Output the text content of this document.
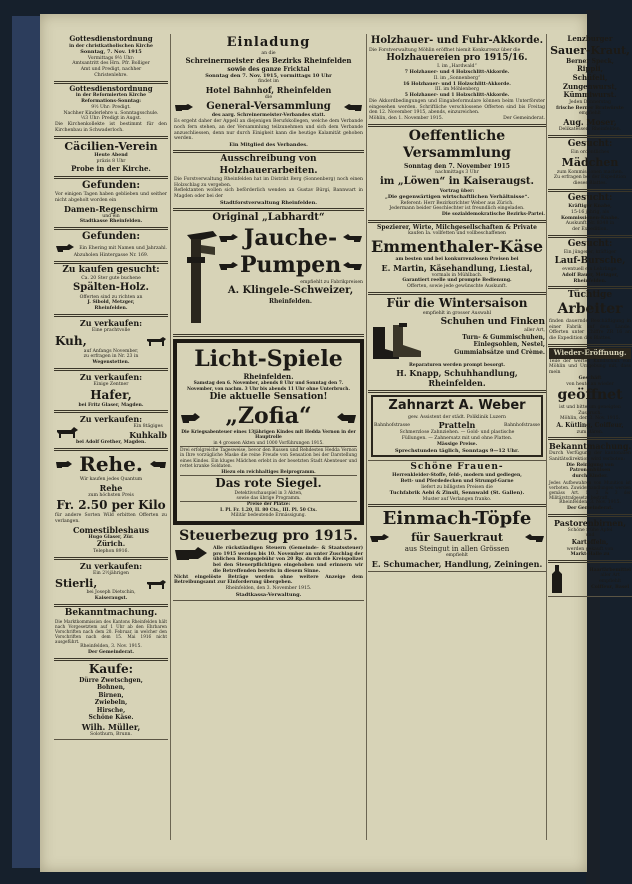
Gottesdienstordnung
in der christkatholischen Kirche
Sonntag, 7. Nov. 1915
Vormittags 9½ Uhr:
Amtsantritt des Hrn. Pfr. Bolliger
Amt und Predigt, nachher
Christenlehre.
Gottesdienstordnung
in der Reformierten Kirche
Reformations-Sonntag:
9½ Uhr: Predigt.
Nachher Kinderlehre u. Sonntagsschule.
½3 Uhr: Predigt in Augst.
Die Kirchenkollekte ist bestimmt für den Kirchenbau in Schwaderloch.
Cäcilien-Verein
Heute Abend
präzis 8 Uhr
Probe in der Kirche.
Gefunden:
Vor einigen Tagen haben geblieben und seither nicht abgeholt worden ein
Damen-Regenschirm
und ein
Stadtkasse Rheinfelden.
Gefunden:
Ein Ehering mit Namen und Jahrzahl.
Abzuholen Hintergasse Nr. 169.
Zu kaufen gesucht:
Ca. 20 Ster gute buchene
Spälten-Holz.
Offerten sind zu richten an
J. Sibold, Metzger,
Rheinfelden.
Zu verkaufen:
Eine prachtvolle
Kuh,
auf Anfangs November,
zu erfragen in Nr. 23 in
Wegenstetten.
Zu verkaufen:
Einige Zentner
Hafer,
bei Fritz Glaser, Magden.
Zu verkaufen:
Ein 8tägiges
Kuhkalb
bei Adolf Grether, Magden.
Rehe.
Wir kaufen jedes Quantum
Rehe
zum höchsten Preis
Fr. 2.50 per Kilo
für andere Sorten Wild erbitten Offerten zu verlangen.
Comestibleshaus
Hugo Glaser, Zür.
Zürich.
Telephon 8916.
Zu verkaufen:
Ein 2½jährigen
Stierli,
bei Joseph Dietschin,
Kaiseraugst.
Bekanntmachung.
Die Marktkommission des Kantons Rheinfelden hält nach Vorgesetztem auf 1 Uhr ab den Ehrbaren Vorschriften nach dem 20. Februar, in welcher den Vorschriften nach dem 15. Mai 1916 nicht ausgeführt.
Rheinfelden, 3. Nov. 1915.
Der Gemeinderat.
Kaufe:
Dürre Zwetschgen,
Bohnen,
Birnen,
Zwiebeln,
Hirsche,
Schöne Käse.
Wilh. Müller,
Solothurn, Brunn.
Einladung
an die
Schreinermeister des Bezirks Rheinfelden
sowie des ganze Fricktal
Sonntag den 7. Nov. 1915, vormittags 10 Uhr
findet im
Hotel Bahnhof, Rheinfelden
die
General-Versammlung
des aarg. Schreinermeister-Verbandes statt.
Es ergeht daher der Appell an diejenigen Berufskollegen, welche dem Verbande noch fern stehen, an der Versammlung teilzunehmen und sich dem Verbande anzuschliessen, denn nur durch Einigkeit kann die heutige Kalamität gehoben werden.
Ein Mitglied des Verbandes.
Ausschreibung von Holzhauerarbeiten.
Die Forstverwaltung Rheinfelden hat im Distrikt Berg (Sonnenberg) noch einen Holzschlag zu vergeben.
Reflektanten wollen sich beförderlich wenden an Gustav Bürgi, Bannwart in Magden oder bei der
Stadtforstverwaltung Rheinfelden.
Original „Labhardt“
Jauche-
Pumpen
empfiehlt zu Fabrikpreisen
A. Klingele-Schweizer,
Rheinfelden.
Licht-Spiele
Rheinfelden.
Samstag den 6. November, abends 8 Uhr und Sonntag den 7. November, von nachm. 3 Uhr bis abends 11 Uhr ohne Unterbruch.
Die aktuelle Sensation!
„Zofia“
Die Kriegsabenteuer eines 13jährigen Kindes mit Hedda Vernon in der Hauptrolle
in 4 grossen Akten und 1000 Vorführungen 1915.
Drei erfolgreiche Tagesweise, bevor den Russen und Rehdesten Hedda Vernon in Ihre vorzügliche Maske die reine Freude von Sensation bei der Darstellung eines Kindes. Ein kluges Mädchen erlebt in der besetzten Stadt Abenteuer und rettet kranke Soldaten.
Hiezu ein reichhaltiges Beiprogramm.
Das rote Siegel.
Detektivschauspiel in 3 Akten,
sowie das übrige Programm.
Preise der Plätze:
I. Pl. Fr. 1.20, II. 80 Cts., III. Pl. 50 Cts.
Militär bedeutende Ermässigung.
Steuerbezug pro 1915.
Alle rückständigen Steuern (Gemeinde- & Staatssteuer) pro 1915 werden bis 10. November an unter Zuschlag der üblichen Bezugsgebühr von 20 Rp. durch die Kreispolizei bei den Steuerpflichtigen eingehoben und erinnern wir die Betreffenden bereits in diesem Sinne.
Nicht eingelöste Beträge werden ohne weitere Anzeige dem Betreibungsamt zur Einforderung übergeben.
Rheinfelden, den 3. November 1915.
Stadtkassa-Verwaltung.
Holzhauer- und Fuhr-Akkorde.
Die Forstverwaltung Möhlin eröffnet hiemit Konkurrenz über die
Holzhauereien pro 1915/16.
I. im „Hardwald“
7 Holzhauer- und 4 Holzschlitt-Akkorde.
II. im „Sonnenberg“
16 Holzhauer- und 1 Holzschlitt-Akkorde.
III. im Möhlenberg
5 Holzhauer- und 1 Holzschlitt-Akkorde.
Die Akkordbedingungen und Eingabeformulare können beim Unterförster eingesehen werden. Schriftliche verschlossene Offerten sind bis Freitag den 12. November 1915, abends, einzureichen.
Möhlin, den 1. November 1915.	Der Gemeinderat.
Oeffentliche Versammlung
Sonntag den 7. November 1915
nachmittags 3 Uhr
im „Löwen“ in Kaiseraugst.
Vortrag über:
„Die gegenwärtigen wirtschaftlichen Verhältnisse“.
Referent: Herr Bezirksrichter Weber aus Zürich.
Jedermann beider Geschlechter ist freundlich eingeladen.
Die sozialdemokratische Bezirks-Partei.
Spezierer, Wirte, Milchgesellschaften & Private
kaufen Ia. vollfetten und vollbeschaffenen
Emmenthaler-Käse
am besten und bei konkurrenzlosen Preisen bei
E. Martin, Käsehandlung, Liestal,
vormals in Mühlbach.
Garantiert reelle und prompte Bedienung.
Offerten, sowie jede gewünschte Auskunft.
Für die Wintersaison
empfiehlt in grosser Auswahl
Schuhen und Finken
aller Art,
Turn- & Gummischuhen,
Einlegsohlen, Nestel,
Gummiabsätze und Crème.
Reparaturen werden prompt besorgt.
H. Knapp, Schuhhandlung, Rheinfelden.
Zahnarzt A. Weber
gew. Assistent der städt. Poliklinik Luzern
Bahnhofstrasse	Pratteln	Bahnhofstrasse
Schmerzlose Zahnziehen. — Gold- und plastische
Füllungen. — Zahnersatz mit und ohne Platten.
Mässige Preise.
Sprechstunden täglich, Sonntags 9—12 Uhr.
Schöne Frauen-
Herrenkleider-Stoffe, feld-, modern und gediegen,
Bett- und Pferdedecken und Strumpf-Garne
liefert zu billigsten Preisen die
Tuchfabrik Aebi & Zinsli, Sennwald (St. Gallen).
Muster auf Verlangen franko.
Einmach-Töpfe
für Sauerkraut
aus Steingut in allen Grössen
empfiehlt
E. Schumacher, Handlung, Zeiningen.
Lenzburger
Sauer-Kraut,
Berner Speck,
Rippli,
Schüfeli,
Zungenwurst,
Kümmiwurst.
Jeden Donnerstag
frische Berner Bratwürste
empfiehlt
Aug. Moser,
Delikatessen, Rheinfelden.
Gesucht:
Ein ordentliches
Mädchen
zum Kommissionen machen.
Zu erfragen bei der Expedition dieses Blattes.
Gesucht:
Kräftiger Knabe,
15-16 jährig, als
Kommissionen-Knabe.
Auskunft Nr. 8348 in
der Expedition.
Gesucht:
Ein jüngerer, kräftiger
Lauf-Bursche,
eventuell ein Lehrlinge.
Adolf Bauer, Metzger,
Rheinfelden.
Tüchtige
Arbeiter
finden dauernde Beschäftigung in einer Fabrik auf dem Lande. Offerten unter Chiffre ZR 16 an die Expedition des Blattes.
Wieder-Eröffnung.
Teile der werten Kundschaft von Möhlin und Umgebung mit, dass mein
Geschäft
von heute an wieder
geöffnet
ist und bitte um geneigten Zuspruch.
Möhlin, den 3. Nov. 1915.
A. Kütling, Coiffeur,
zum Bären.
Bekanntmachung.
Durch Verfügung der kantonalen Sanitätsdirektion wird verboten:
Die Reinigung von Patronenhülsen
durch Kinder.
Jedes Aufbewahren von Munition ist verboten. Zuwiderhandlungen werden gemäss Art. 1, 2 & 3 der Militärstrafgesetze bestraft.
Rheinfelden, 3. Nov. 1915.
Der Gemeinderat.
Pastorenbirnen,
Schöne frühe Äpfel
und
Kartoffeln,
werden gekauft von
Markt-Halle zu
Haarfärbemittel
aller Art
empfiehlt
Coiffeur, Basel
